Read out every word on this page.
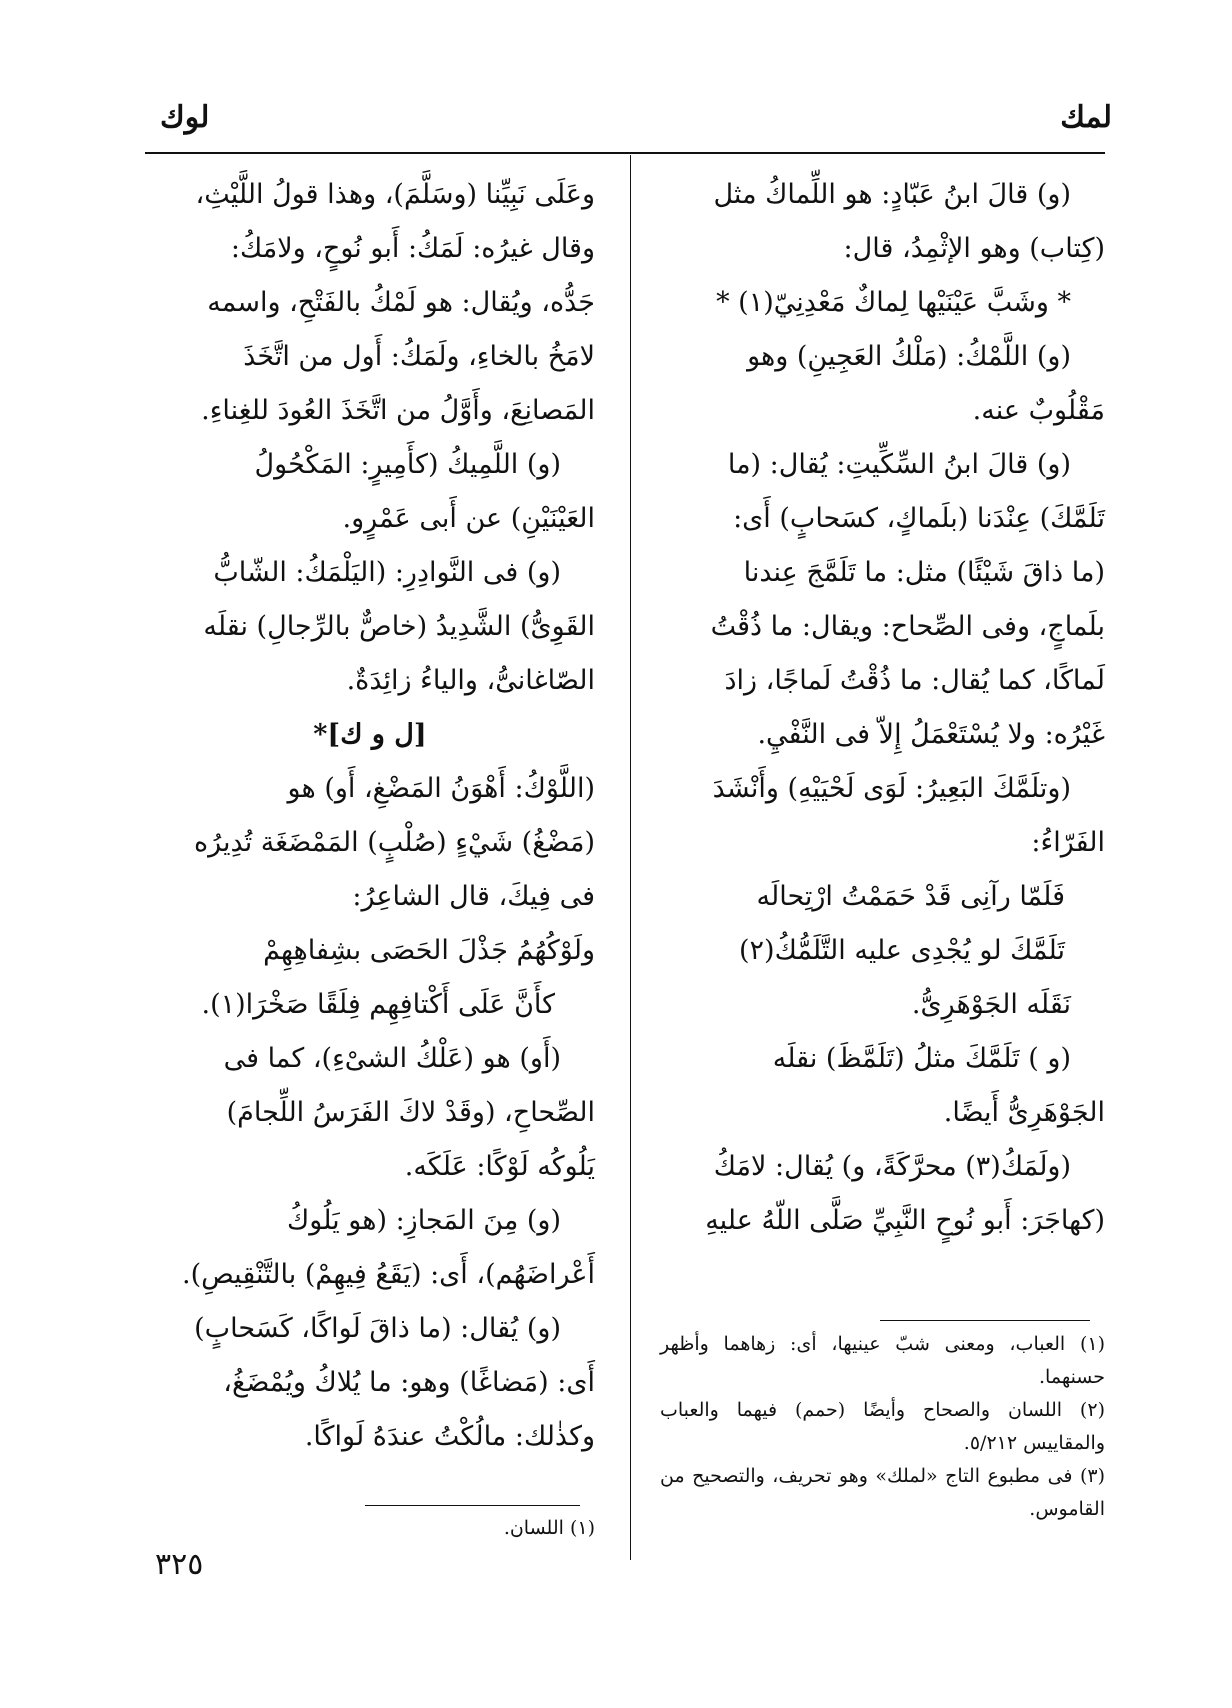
لمك
لوك

(و) قالَ ابنُ عَبّادٍ: هو اللِّماكُ مثل

(كِتاب) وهو الإثْمِدُ، قال:

* وشَبَّ عَيْنَيْها لِماكٌ مَعْدِنِيّ(١) *

(و) اللَّمْكُ: (مَلْكُ العَجِينِ) وهو

مَقْلُوبٌ عنه.

(و) قالَ ابنُ السِّكِّيتِ: يُقال: (ما

تَلَمَّكَ) عِنْدَنا (بلَماكٍ، كسَحابٍ) أَى:

(ما ذاقَ شَيْئًا) مثل: ما تَلَمَّجَ عِندنا

بلَماجٍ، وفى الصِّحاح: ويقال: ما ذُقْتُ

لَماكًا، كما يُقال: ما ذُقْتُ لَماجًا، زادَ

غَيْرُه: ولا يُسْتَعْمَلُ إِلاّ فى النَّفْيِ.

(وتلَمَّكَ البَعِيرُ: لَوَى لَحْيَيْهِ) وأَنْشَدَ

الفَرّاءُ:

فَلَمّا رآنِى قَدْ حَمَمْتُ ارْتِحالَه

تَلَمَّكَ لو يُجْدِى عليه التَّلَمُّكُ(٢)

نَقَلَه الجَوْهَرِىُّ.

(و ) تَلَمَّكَ مثلُ (تَلَمَّظَ) نقلَه

الجَوْهَرِىُّ أَيضًا.

(ولَمَكُ(٣) محرَّكَةً، و) يُقال: لامَكُ

(كهاجَرَ: أَبو نُوحٍ النَّبِيِّ صَلَّى اللّهُ عليهِ

وعَلَى نَبِيِّنا (وسَلَّمَ)، وهذا قولُ اللَّيْثِ،

وقال غيرُه: لَمَكُ: أَبو نُوحٍ، ولامَكُ:

جَدُّه، ويُقال: هو لَمْكُ بالفَتْحِ، واسمه

لامَخُ بالخاءِ، ولَمَكُ: أَول من اتَّخَذَ

المَصانِعَ، وأَوَّلُ من اتَّخَذَ العُودَ للغِناءِ.

(و) اللَّمِيكُ (كأَمِيرٍ: المَكْحُولُ

العَيْنَيْنِ) عن أَبى عَمْرٍو.

(و) فى النَّوادِرِ: (اليَلْمَكُ: الشّابُّ

القَوِىُّ) الشَّدِيدُ (خاصٌّ بالرِّجالِ) نقلَه

الصّاغانىُّ، والياءُ زائِدَةٌ.

[ل و ك]*

(اللَّوْكُ: أَهْوَنُ المَضْغِ، أَو) هو

(مَضْغُ) شَيْءٍ (صُلْبٍ) المَمْضَغَة تُدِيرُه

فى فِيكَ، قال الشاعِرُ:

ولَوْكُهُمُ جَذْلَ الحَصَى بشِفاهِهِمْ

كأَنَّ عَلَى أَكْتافِهِم فِلَقًا صَخْرَا(١).

(أَو) هو (عَلْكُ الشىْءِ)، كما فى

الصِّحاحِ، (وقَدْ لاكَ الفَرَسُ اللِّجامَ)

يَلُوكُه لَوْكًا: عَلَكَه.

(و) مِنَ المَجازِ: (هو يَلُوكُ

أَعْراضَهُم)، أَى: (يَقَعُ فِيهِمْ) بالتَّنْقِيصِ).

(و) يُقال: (ما ذاقَ لَواكًا، كَسَحابٍ)

أَى: (مَضاغًا) وهو: ما يُلاكُ ويُمْضَغُ،

وكذٰلك: مالُكْتُ عندَهُ لَواكًا.

(١) العباب، ومعنى شبّ عينيها، أى: زهاهما وأظهر حسنهما.

(٢) اللسان والصحاح وأيضًا (حمم) فيهما والعباب والمقاييس ٥/٢١٢.

(٣) فى مطبوع التاج «لملك» وهو تحريف، والتصحيح من القاموس.

(١) اللسان.

٣٢٥
